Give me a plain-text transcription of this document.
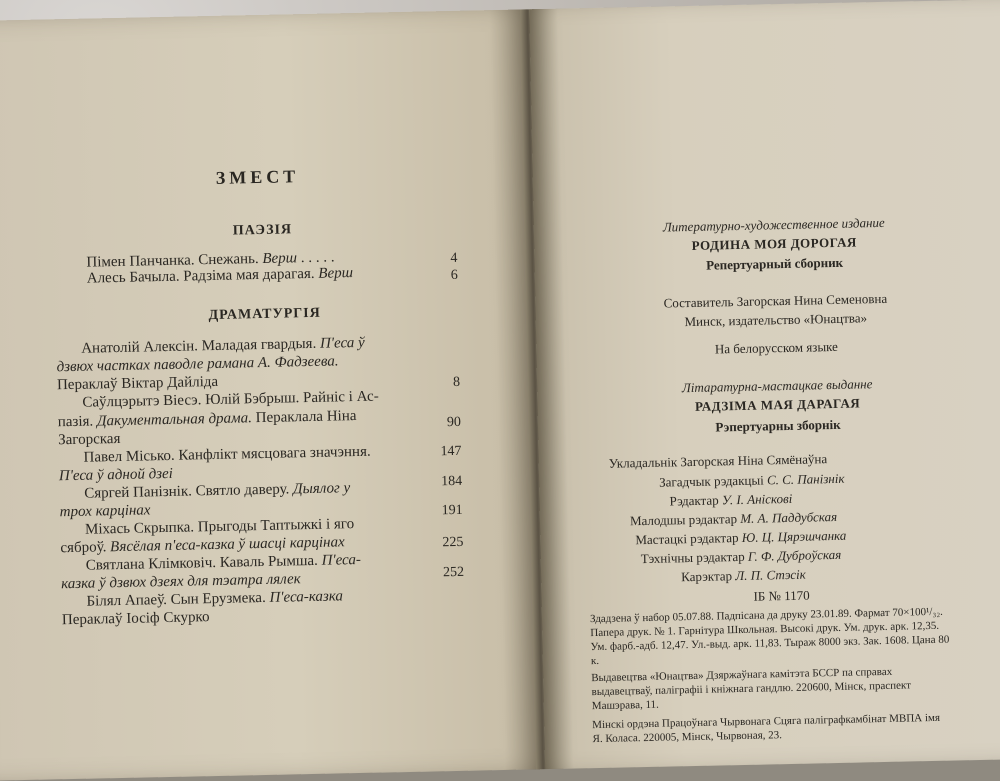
ЗМЕСТ
ПАЭЗІЯ
Пімен Панчанка. Снежань. Верш . . . . .	4
Алесь Бачыла. Радзіма мая дарагая. Верш	6
ДРАМАТУРГІЯ
Анатолій Алексін. Маладая гвардыя. П'еса ў
дзвюх частках паводле рамана А. Фадзеева.
Пераклаў Віктар Дайліда	8
Саўлцэрытэ Віесэ. Юлій Бэбрыш. Райніс і Ас-
пазія. Дакументальная драма. Пераклала Ніна
Загорская
90
Павел Місько. Канфлікт мясцовага значэння.
П'еса ў адной дзеі
147
Сяргей Панізнік. Святло даверу. Дыялог у
трох карцінах
184
Міхась Скрыпка. Прыгоды Таптыжкі і яго
сяброў. Вясёлая п'еса-казка ў шасці карцінах
191
Святлана Клімковіч. Каваль Рымша. П'еса-
казка ў дзвюх дзеях для тэатра лялек
225
Білял Апаеў. Сын Ерузмека. П'еса-казка
Пераклаў Іосіф Скурко
252
Литературно-художественное издание
РОДИНА МОЯ ДОРОГАЯ
Репертуарный сборник
Составитель Загорская Нина Семеновна
Минск, издательство «Юнацтва»
На белорусском языке
Літаратурна-мастацкае выданне
РАДЗІМА МАЯ ДАРАГАЯ
Рэпертуарны зборнік
Укладальнік Загорская Ніна Сямёнаўна
Загадчык рэдакцыі С. С. Панізнік
Рэдактар У. І. Аніскові
Малодшы рэдактар М. А. Паддубская
Мастацкі рэдактар Ю. Ц. Цярэшчанка
Тэхнічны рэдактар Г. Ф. Дуброўская
Карэктар Л. П. Стэсік
ІБ № 1170
Здадзена ў набор 05.07.88. Падпісана да друку 23.01.89. Фармат 70×100¹/₃₂. Папера друк. № 1. Гарнітура Школьная. Высокі друк. Ум. друк. арк. 12,35. Ум. фарб.-адб. 12,47. Ул.-выд. арк. 11,83. Тыраж 8000 экз. Зак. 1608. Цана 80 к.
Выдавецтва «Юнацтва» Дзяржаўнага камітэта БССР па справах выдавецтваў, паліграфіі і кніжнага гандлю. 220600, Мінск, праспект Машэрава, 11.
Мінскі ордэна Працоўнага Чырвонага Сцяга паліграфкамбінат МВПА імя Я. Коласа. 220005, Мінск, Чырвоная, 23.
